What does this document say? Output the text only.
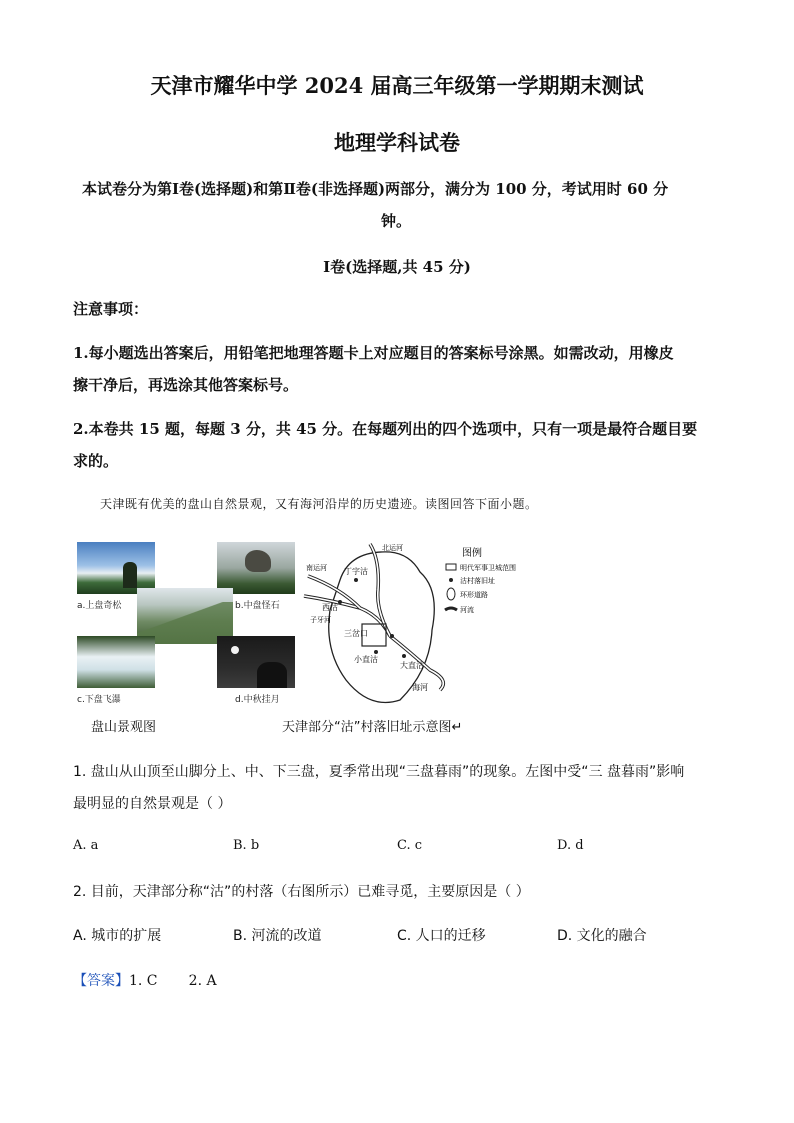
天津市耀华中学 2024 届高三年级第一学期期末测试
地理学科试卷
本试卷分为第Ⅰ卷(选择题)和第Ⅱ卷(非选择题)两部分，满分为 100 分，考试用时 60 分
钟。
Ⅰ卷(选择题,共 45 分)
注意事项：
1.每小题选出答案后，用铅笔把地理答题卡上对应题目的答案标号涂黑。如需改动，用橡皮
擦干净后，再选涂其他答案标号。
2.本卷共 15 题，每题 3 分，共 45 分。在每题列出的四个选项中，只有一项是最符合题目要
求的。
天津既有优美的盘山自然景观，又有海河沿岸的历史遗迹。读图回答下面小题。
a.上盘奇松	b.中盘怪石
c.下盘飞瀑	d.中秋挂月
盘山景观图
丁字沽
西沽
三岔口
小直沽
大直沽
海河
子牙河
北运河
南运河
图例
明代军事卫城范围
沽村落旧址
环形道路
河流
天津部分“沽”村落旧址示意图↵
1. 盘山从山顶至山脚分上、中、下三盘，夏季常出现“三盘暮雨”的现象。左图中受“三 盘暮雨”影响
最明显的自然景观是（ ）
A. a	B. b	C. c	D. d
2. 目前，天津部分称“沽”的村落（右图所示）已难寻觅，主要原因是（ ）
A. 城市的扩展	B. 河流的改道	C. 人口的迁移	D. 文化的融合
【答案】1. C       2. A
